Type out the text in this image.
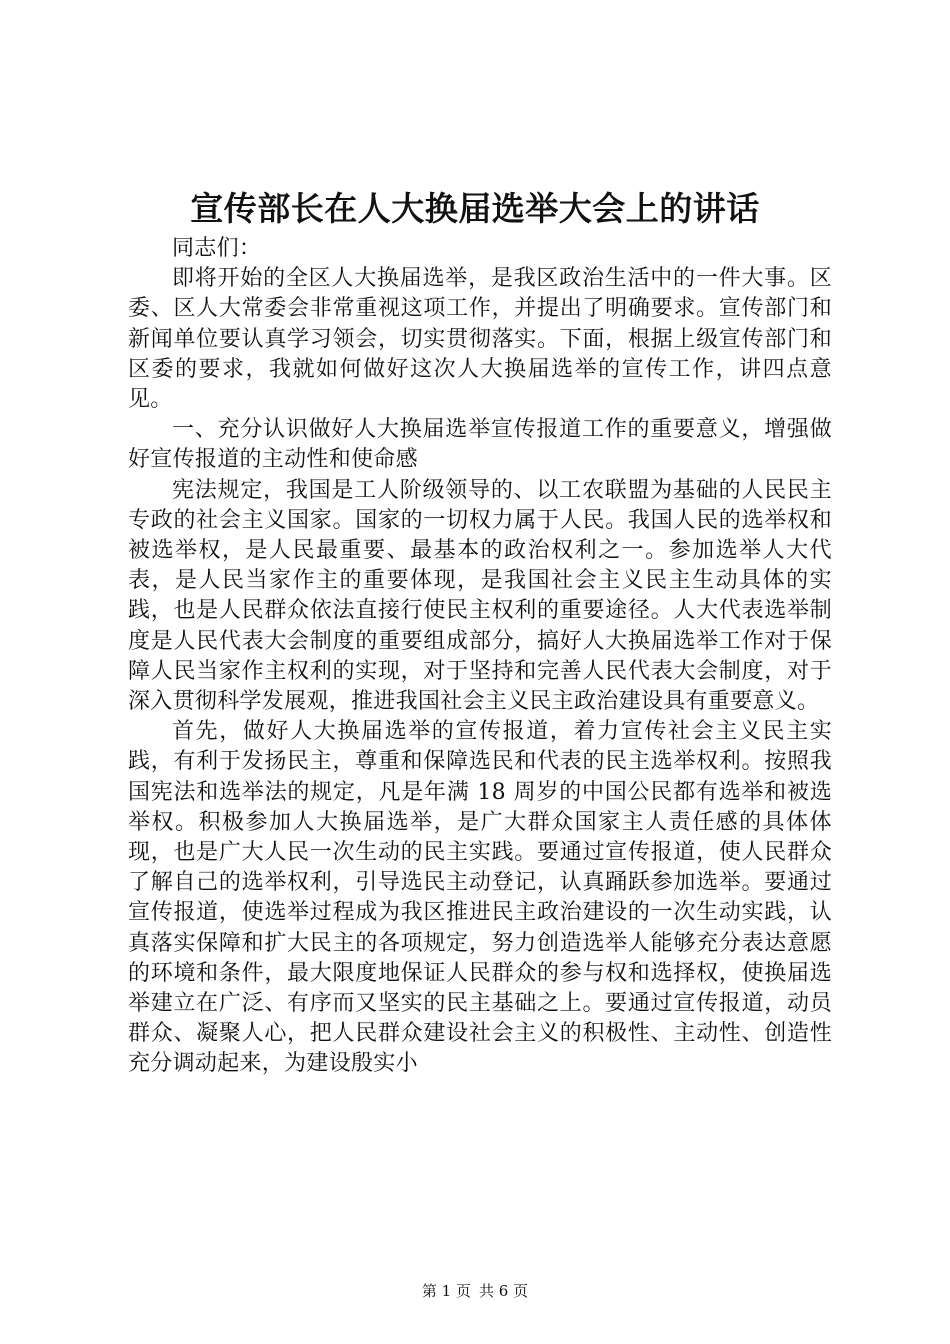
宣传部长在人大换届选举大会上的讲话

同志们：

即将开始的全区人大换届选举，是我区政治生活中的一件大事。区委、区人大常委会非常重视这项工作，并提出了明确要求。宣传部门和新闻单位要认真学习领会，切实贯彻落实。下面，根据上级宣传部门和区委的要求，我就如何做好这次人大换届选举的宣传工作，讲四点意见。

一、充分认识做好人大换届选举宣传报道工作的重要意义，增强做好宣传报道的主动性和使命感

宪法规定，我国是工人阶级领导的、以工农联盟为基础的人民民主专政的社会主义国家。国家的一切权力属于人民。我国人民的选举权和被选举权，是人民最重要、最基本的政治权利之一。参加选举人大代表，是人民当家作主的重要体现，是我国社会主义民主生动具体的实践，也是人民群众依法直接行使民主权利的重要途径。人大代表选举制度是人民代表大会制度的重要组成部分，搞好人大换届选举工作对于保障人民当家作主权利的实现，对于坚持和完善人民代表大会制度，对于深入贯彻科学发展观，推进我国社会主义民主政治建设具有重要意义。

首先，做好人大换届选举的宣传报道，着力宣传社会主义民主实践，有利于发扬民主，尊重和保障选民和代表的民主选举权利。按照我国宪法和选举法的规定，凡是年满 18 周岁的中国公民都有选举和被选举权。积极参加人大换届选举，是广大群众国家主人责任感的具体体现，也是广大人民一次生动的民主实践。要通过宣传报道，使人民群众了解自己的选举权利，引导选民主动登记，认真踊跃参加选举。要通过宣传报道，使选举过程成为我区推进民主政治建设的一次生动实践，认真落实保障和扩大民主的各项规定，努力创造选举人能够充分表达意愿的环境和条件，最大限度地保证人民群众的参与权和选择权，使换届选举建立在广泛、有序而又坚实的民主基础之上。要通过宣传报道，动员群众、凝聚人心，把人民群众建设社会主义的积极性、主动性、创造性充分调动起来，为建设殷实小

第 1 页 共 6 页
